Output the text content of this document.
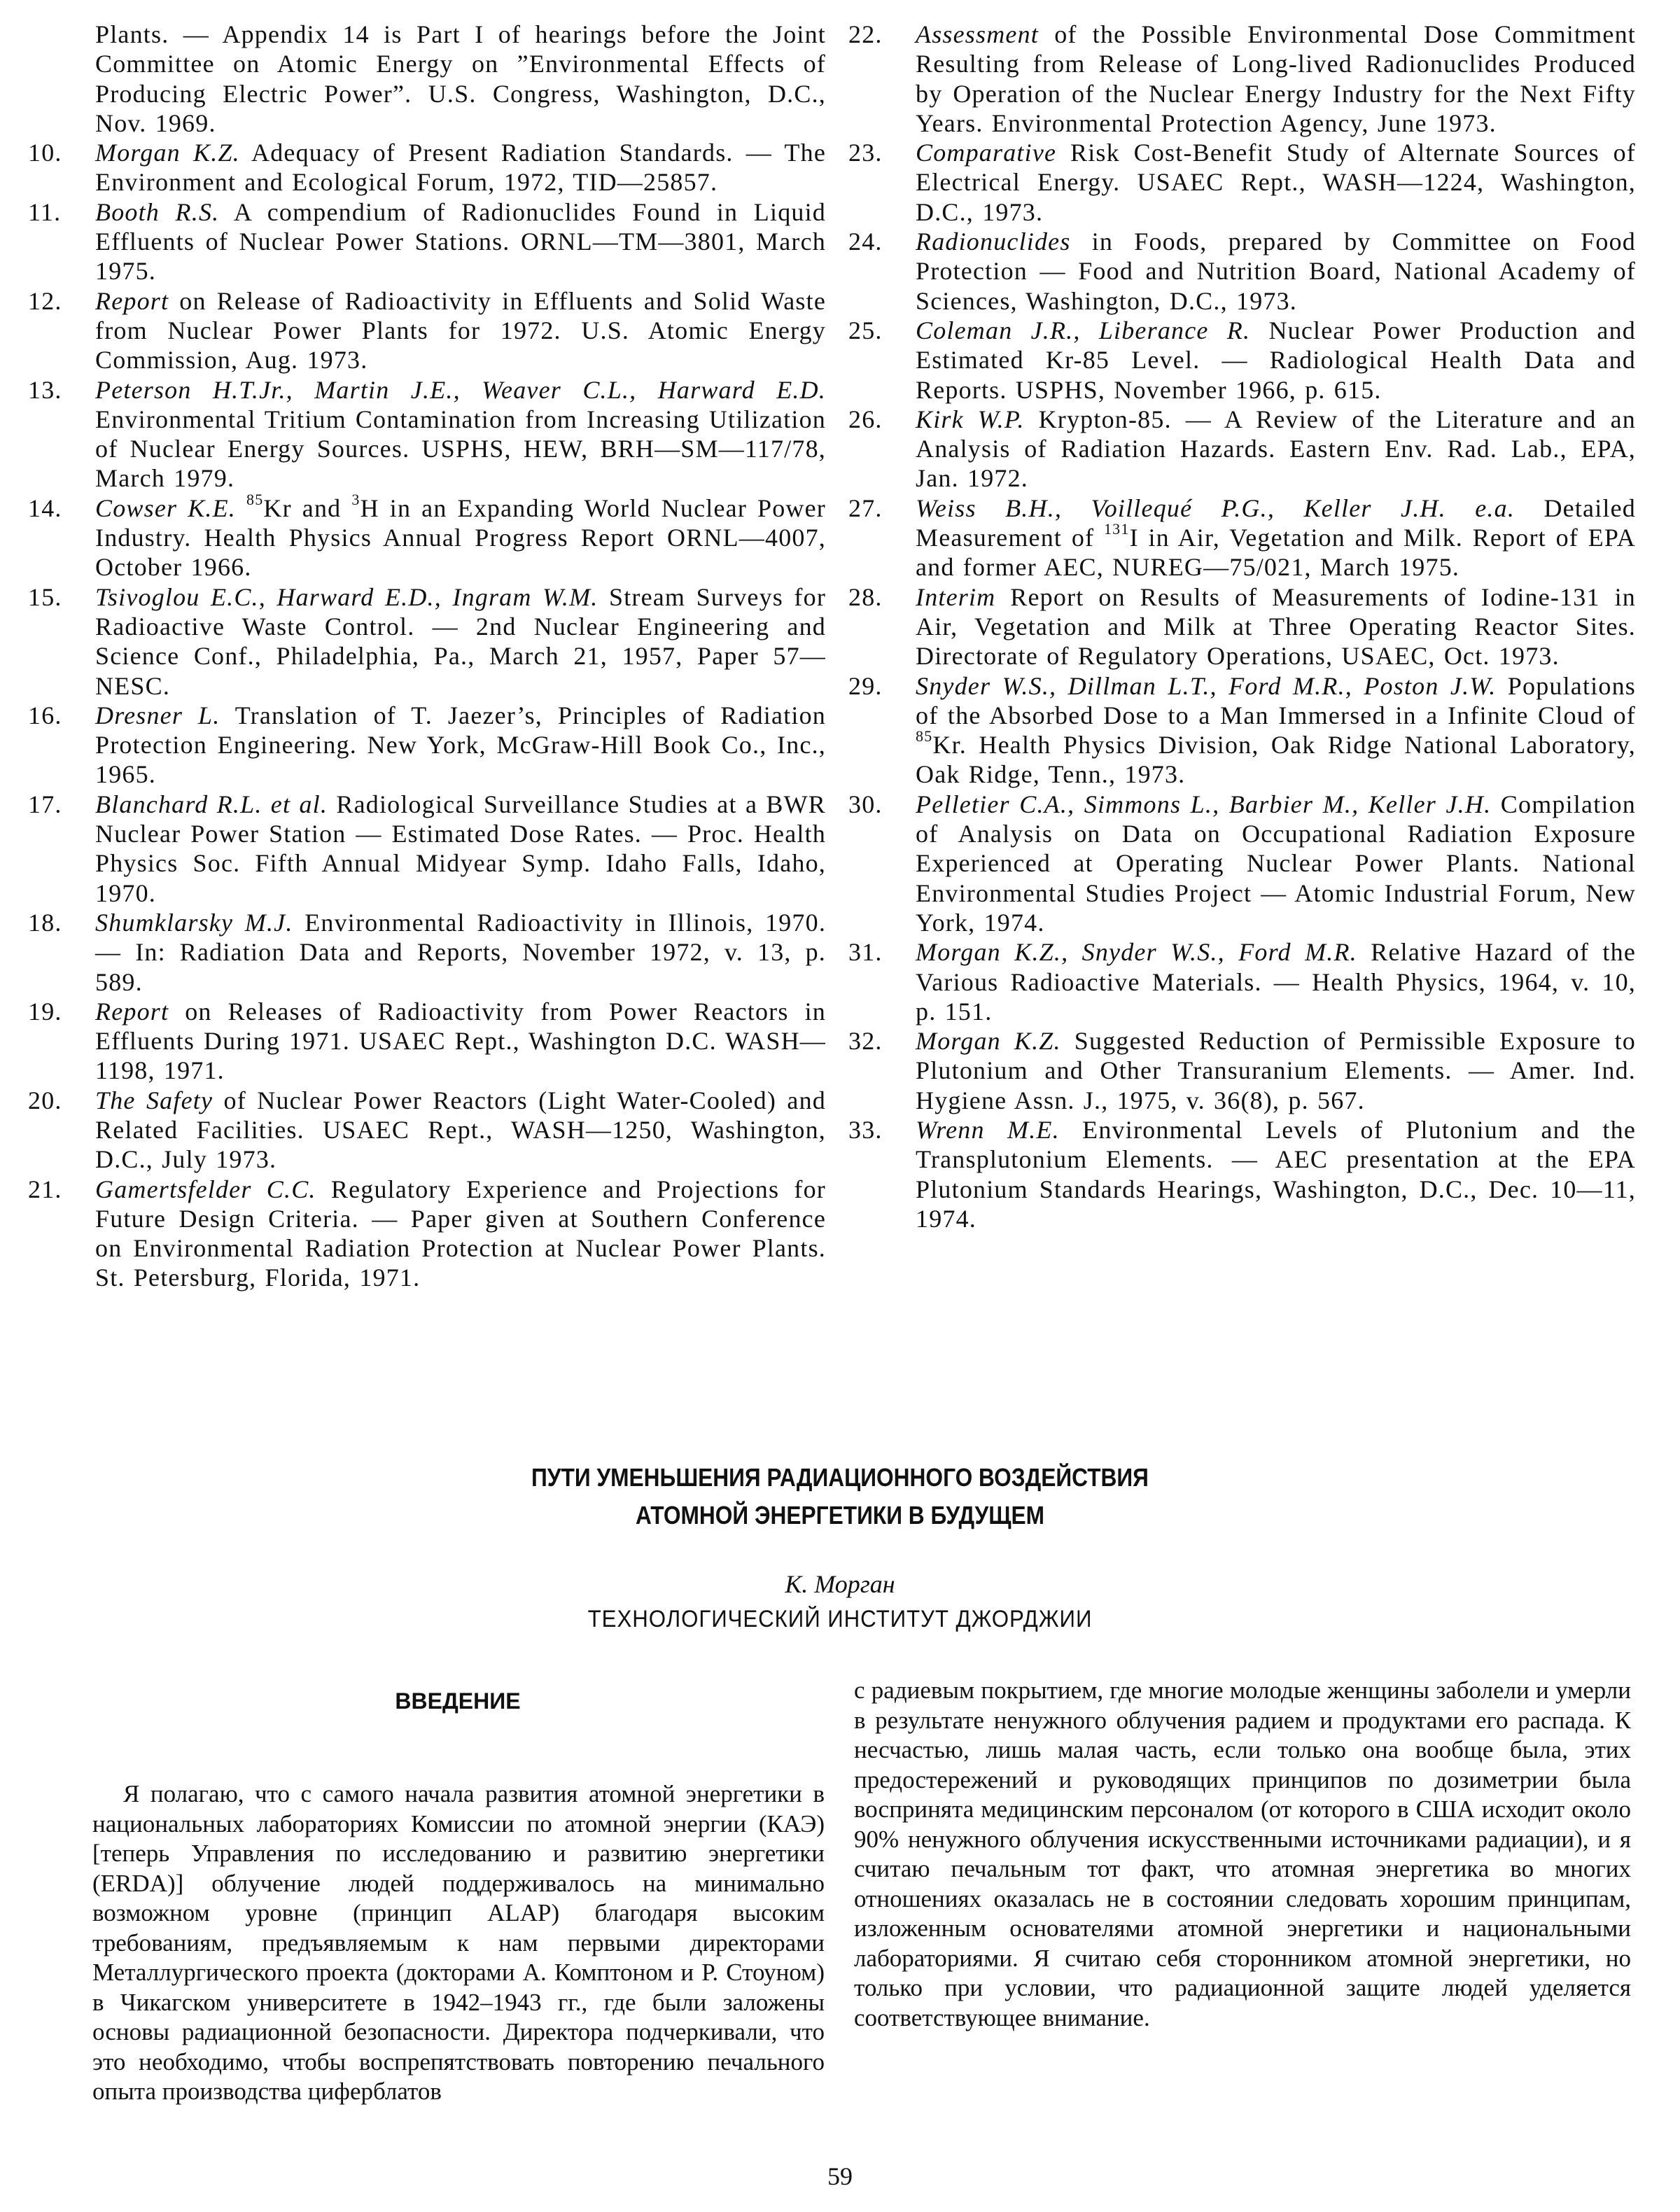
Plants. — Appendix 14 is Part I of hearings before the Joint Committee on Atomic Energy on ”Environmental Effects of Producing Electric Power”. U.S. Congress, Washington, D.C., Nov. 1969.
10.	Morgan K.Z. Adequacy of Present Radiation Standards. — The Environment and Ecological Forum, 1972, TID—25857.
11.	Booth R.S. A compendium of Radionuclides Found in Liquid Effluents of Nuclear Power Stations. ORNL—TM—3801, March 1975.
12.	Report on Release of Radioactivity in Effluents and Solid Waste from Nuclear Power Plants for 1972. U.S. Atomic Energy Commission, Aug. 1973.
13.	Peterson H.T.Jr., Martin J.E., Weaver C.L., Harward E.D. Environmental Tritium Contamination from Increasing Utilization of Nuclear Energy Sources. USPHS, HEW, BRH—SM—117/78, March 1979.
14.	Cowser K.E. $^{85}$Kr and $^3$H in an Expanding World Nuclear Power Industry. Health Physics Annual Progress Report ORNL—4007, October 1966.
15.	Tsivoglou E.C., Harward E.D., Ingram W.M. Stream Surveys for Radioactive Waste Control. — 2nd Nuclear Engineering and Science Conf., Philadelphia, Pa., March 21, 1957, Paper 57—NESC.
16.	Dresner L. Translation of T. Jaezer’s, Principles of Radiation Protection Engineering. New York, McGraw-Hill Book Co., Inc., 1965.
17.	Blanchard R.L. et al. Radiological Surveillance Studies at a BWR Nuclear Power Station — Estimated Dose Rates. — Proc. Health Physics Soc. Fifth Annual Midyear Symp. Idaho Falls, Idaho, 1970.
18.	Shumklarsky M.J. Environmental Radioactivity in Illinois, 1970. — In: Radiation Data and Reports, November 1972, v. 13, p. 589.
19.	Report on Releases of Radioactivity from Power Reactors in Effluents During 1971. USAEC Rept., Washington D.C. WASH—1198, 1971.
20.	The Safety of Nuclear Power Reactors (Light Water-Cooled) and Related Facilities. USAEC Rept., WASH—1250, Washington, D.C., July 1973.
21.	Gamertsfelder C.C. Regulatory Experience and Projections for Future Design Criteria. — Paper given at Southern Conference on Environmental Radiation Protection at Nuclear Power Plants. St. Petersburg, Florida, 1971.
22.	Assessment of the Possible Environmental Dose Commitment Resulting from Release of Long-lived Radionuclides Produced by Operation of the Nuclear Energy Industry for the Next Fifty Years. Environmental Protection Agency, June 1973.
23.	Comparative Risk Cost-Benefit Study of Alternate Sources of Electrical Energy. USAEC Rept., WASH—1224, Washington, D.C., 1973.
24.	Radionuclides in Foods, prepared by Committee on Food Protection — Food and Nutrition Board, National Academy of Sciences, Washington, D.C., 1973.
25.	Coleman J.R., Liberance R. Nuclear Power Production and Estimated Kr-85 Level. — Radiological Health Data and Reports. USPHS, November 1966, p. 615.
26.	Kirk W.P. Krypton-85. — A Review of the Literature and an Analysis of Radiation Hazards. Eastern Env. Rad. Lab., EPA, Jan. 1972.
27.	Weiss B.H., Voillequé P.G., Keller J.H. e.a. Detailed Measurement of $^{131}$I in Air, Vegetation and Milk. Report of EPA and former AEC, NUREG—75/021, March 1975.
28.	Interim Report on Results of Measurements of Iodine-131 in Air, Vegetation and Milk at Three Operating Reactor Sites. Directorate of Regulatory Operations, USAEC, Oct. 1973.
29.	Snyder W.S., Dillman L.T., Ford M.R., Poston J.W. Populations of the Absorbed Dose to a Man Immersed in a Infinite Cloud of $^{85}$Kr. Health Physics Division, Oak Ridge National Laboratory, Oak Ridge, Tenn., 1973.
30.	Pelletier C.A., Simmons L., Barbier M., Keller J.H. Compilation of Analysis on Data on Occupational Radiation Exposure Experienced at Operating Nuclear Power Plants. National Environmental Studies Project — Atomic Industrial Forum, New York, 1974.
31.	Morgan K.Z., Snyder W.S., Ford M.R. Relative Hazard of the Various Radioactive Materials. — Health Physics, 1964, v. 10, p. 151.
32.	Morgan K.Z. Suggested Reduction of Permissible Exposure to Plutonium and Other Transuranium Elements. — Amer. Ind. Hygiene Assn. J., 1975, v. 36(8), p. 567.
33.	Wrenn M.E. Environmental Levels of Plutonium and the Transplutonium Elements. — AEC presentation at the EPA Plutonium Standards Hearings, Washington, D.C., Dec. 10—11, 1974.
ПУТИ УМЕНЬШЕНИЯ РАДИАЦИОННОГО ВОЗДЕЙСТВИЯ
АТОМНОЙ ЭНЕРГЕТИКИ В БУДУЩЕМ
К. Морган
ТЕХНОЛОГИЧЕСКИЙ ИНСТИТУТ ДЖОРДЖИИ
ВВЕДЕНИЕ
Я полагаю, что с самого начала развития атомной энергетики в национальных лабораториях Комиссии по атомной энергии (КАЭ) [теперь Управления по исследованию и развитию энергетики (ERDA)] облучение людей поддерживалось на минимально возможном уровне (принцип ALAP) благодаря высоким требованиям, предъявляемым к нам первыми директорами Металлургического проекта (докторами А. Комптоном и Р. Стоуном) в Чикагском университете в 1942–1943 гг., где были заложены основы радиационной безопасности. Директора подчеркивали, что это необходимо, чтобы воспрепятствовать повторению печального опыта производства циферблатов
с радиевым покрытием, где многие молодые женщины заболели и умерли в результате ненужного облучения радием и продуктами его распада. К несчастью, лишь малая часть, если только она вообще была, этих предостережений и руководящих принципов по дозиметрии была воспринята медицинским персоналом (от которого в США исходит около 90% ненужного облучения искусственными источниками радиации), и я считаю печальным тот факт, что атомная энергетика во многих отношениях оказалась не в состоянии следовать хорошим принципам, изложенным основателями атомной энергетики и национальными лабораториями. Я считаю себя сторонником атомной энергетики, но только при условии, что радиационной защите людей уделяется соответствующее внимание.
59
